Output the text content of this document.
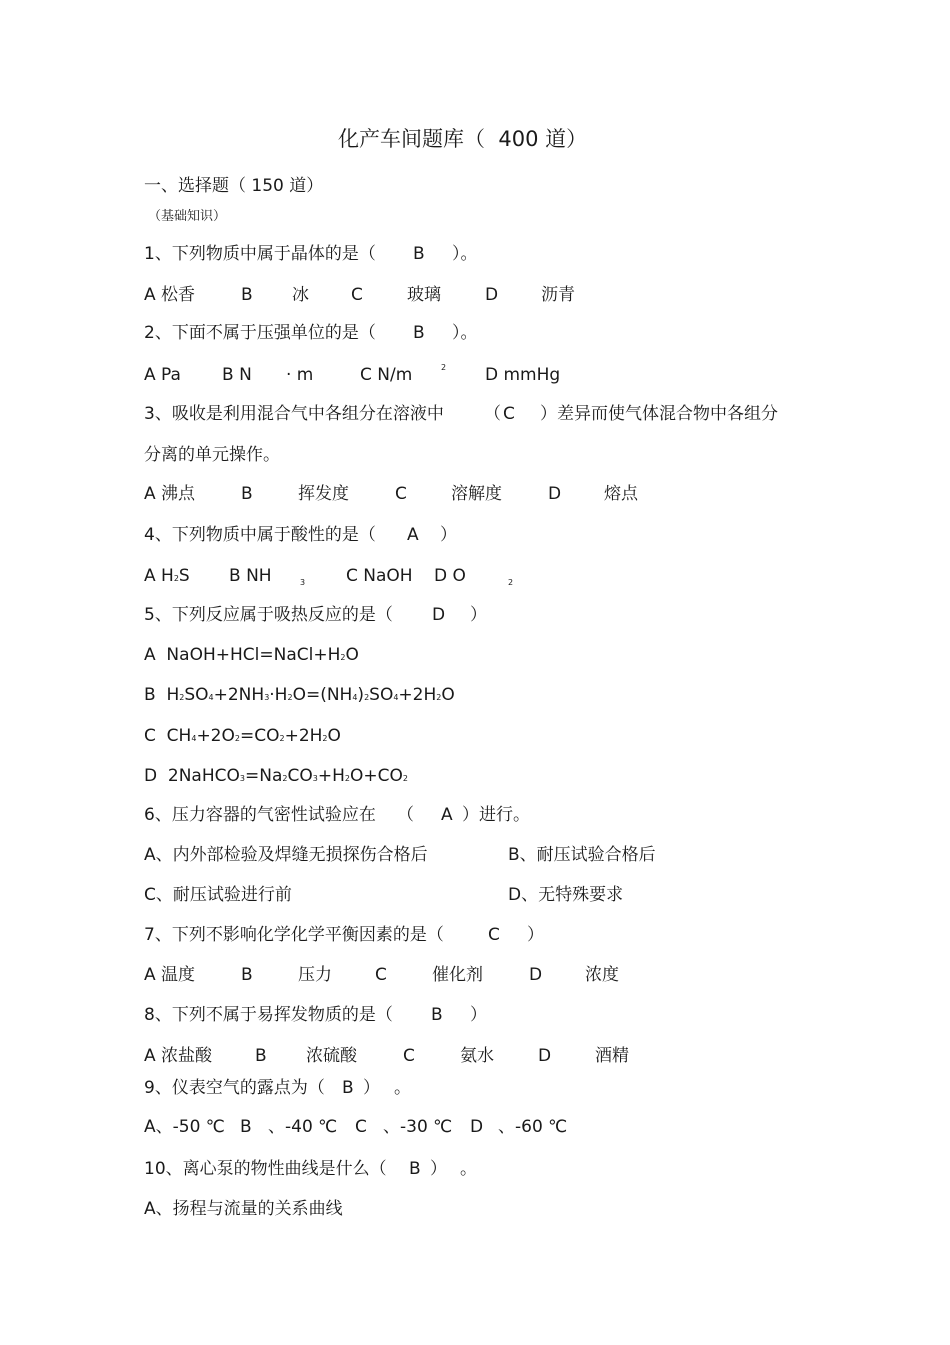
化产车间题库（  400 道）
一、选择题（ 150 道）
（基础知识）
1、下列物质中属于晶体的是（ B ）。
A 松香	B 冰 C	玻璃	D	沥青
2、下面不属于压强单位的是（ B ）。
A Pa B N · m	C N/m	2 D mmHg
3、吸收是利用混合气中各组分在溶液中 （ C ）差异而使气体混合物中各组分
分离的单元操作。
A 沸点	B	挥发度	C	溶解度	D	熔点
4、下列物质中属于酸性的是（ A ）
A H2S B NH	3 C NaOH D O	2
5、下列反应属于吸热反应的是（ D ）
A  NaOH+HCl=NaCl+H2O
B  H2SO4+2NH3·H2O=(NH4)2SO4+2H2O
C  CH4+2O2=CO2+2H2O
D  2NaHCO3=Na2CO3+H2O+CO2
6、压力容器的气密性试验应在 （ A ）进行。
A、内外部检验及焊缝无损探伤合格后	B、耐压试验合格后
C、耐压试验进行前	D、无特殊要求
7、下列不影响化学化学平衡因素的是（	C ）
A 温度	B	压力	C	催化剂	D	浓度
8、下列不属于易挥发物质的是（ B ）
A 浓盐酸	B 浓硫酸	C	氨水	D	酒精
9、仪表空气的露点为（ B ） 。
A、-50 ℃ B 、-40 ℃ C 、-30 ℃ D 、-60 ℃
10、离心泵的物性曲线是什么（ B ） 。
A、扬程与流量的关系曲线
